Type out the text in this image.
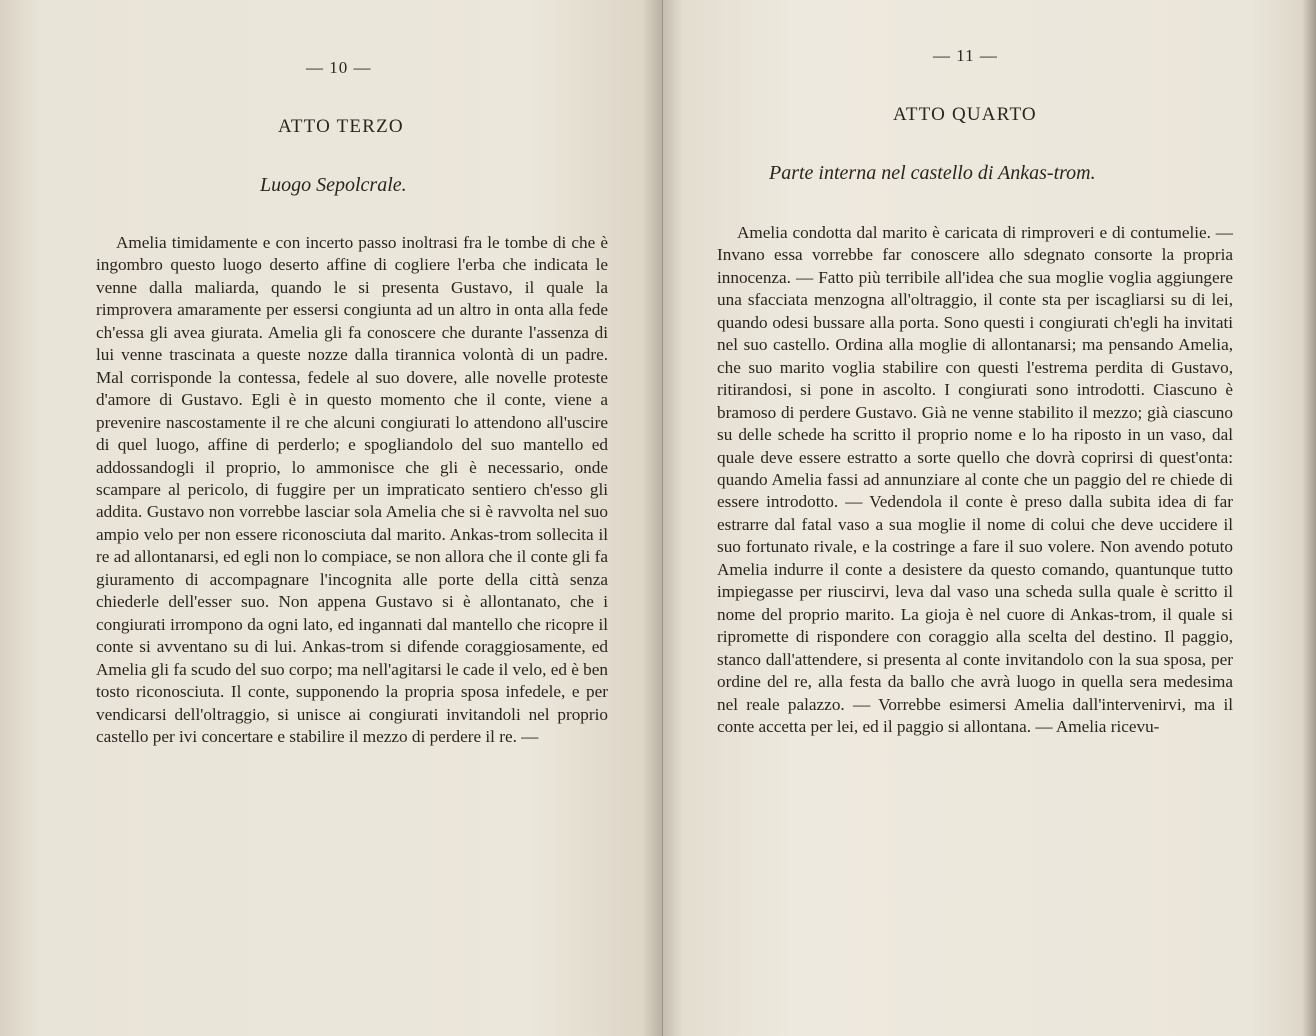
— 10 —
ATTO TERZO
Luogo Sepolcrale.
Amelia timidamente e con incerto passo inoltrasi fra le tombe di che è ingombro questo luogo deserto affine di cogliere l'erba che indicata le venne dalla maliarda, quando le si presenta Gustavo, il quale la rimprovera amaramente per essersi congiunta ad un altro in onta alla fede ch'essa gli avea giurata. Amelia gli fa conoscere che durante l'assenza di lui venne trascinata a queste nozze dalla tirannica volontà di un padre. Mal corrisponde la contessa, fedele al suo dovere, alle novelle proteste d'amore di Gustavo. Egli è in questo momento che il conte, viene a prevenire nascostamente il re che alcuni congiurati lo attendono all'uscire di quel luogo, affine di perderlo; e spogliandolo del suo mantello ed addossandogli il proprio, lo ammonisce che gli è necessario, onde scampare al pericolo, di fuggire per un impraticato sentiero ch'esso gli addita. Gustavo non vorrebbe lasciar sola Amelia che si è ravvolta nel suo ampio velo per non essere riconosciuta dal marito. Ankas-trom sollecita il re ad allontanarsi, ed egli non lo compiace, se non allora che il conte gli fa giuramento di accompagnare l'incognita alle porte della città senza chiederle dell'esser suo. Non appena Gustavo si è allontanato, che i congiurati irrompono da ogni lato, ed ingannati dal mantello che ricopre il conte si avventano su di lui. Ankas-trom si difende coraggiosamente, ed Amelia gli fa scudo del suo corpo; ma nell'agitarsi le cade il velo, ed è ben tosto riconosciuta. Il conte, supponendo la propria sposa infedele, e per vendicarsi dell'oltraggio, si unisce ai congiurati invitandoli nel proprio castello per ivi concertare e stabilire il mezzo di perdere il re. —
— 11 —
ATTO QUARTO
Parte interna nel castello di Ankas-trom.
Amelia condotta dal marito è caricata di rimproveri e di contumelie. — Invano essa vorrebbe far conoscere allo sdegnato consorte la propria innocenza. — Fatto più terribile all'idea che sua moglie voglia aggiungere una sfacciata menzogna all'oltraggio, il conte sta per iscagliarsi su di lei, quando odesi bussare alla porta. Sono questi i congiurati ch'egli ha invitati nel suo castello. Ordina alla moglie di allontanarsi; ma pensando Amelia, che suo marito voglia stabilire con questi l'estrema perdita di Gustavo, ritirandosi, si pone in ascolto. I congiurati sono introdotti. Ciascuno è bramoso di perdere Gustavo. Già ne venne stabilito il mezzo; già ciascuno su delle schede ha scritto il proprio nome e lo ha riposto in un vaso, dal quale deve essere estratto a sorte quello che dovrà coprirsi di quest'onta: quando Amelia fassi ad annunziare al conte che un paggio del re chiede di essere introdotto. — Vedendola il conte è preso dalla subita idea di far estrarre dal fatal vaso a sua moglie il nome di colui che deve uccidere il suo fortunato rivale, e la costringe a fare il suo volere. Non avendo potuto Amelia indurre il conte a desistere da questo comando, quantunque tutto impiegasse per riuscirvi, leva dal vaso una scheda sulla quale è scritto il nome del proprio marito. La gioja è nel cuore di Ankas-trom, il quale si ripromette di rispondere con coraggio alla scelta del destino. Il paggio, stanco dall'attendere, si presenta al conte invitandolo con la sua sposa, per ordine del re, alla festa da ballo che avrà luogo in quella sera medesima nel reale palazzo. — Vorrebbe esimersi Amelia dall'intervenirvi, ma il conte accetta per lei, ed il paggio si allontana. — Amelia ricevu-
